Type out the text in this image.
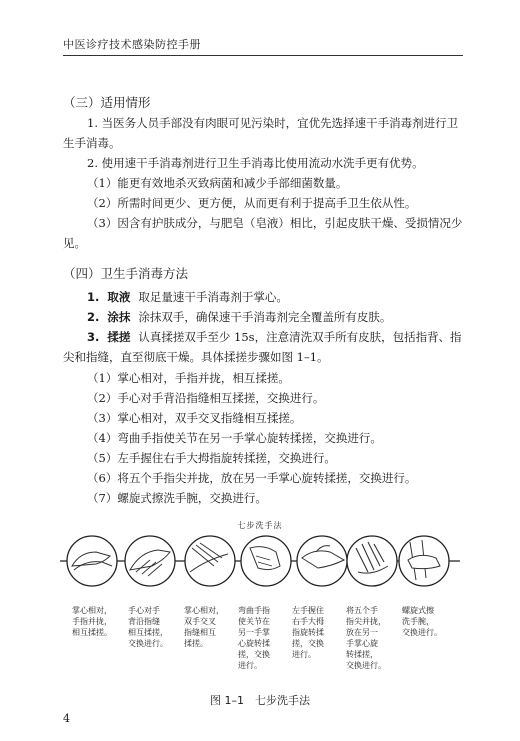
中医诊疗技术感染防控手册
（三）适用情形

1. 当医务人员手部没有肉眼可见污染时，宜优先选择速干手消毒剂进行卫生手消毒。

2. 使用速干手消毒剂进行卫生手消毒比使用流动水洗手更有优势。

（1）能更有效地杀灭致病菌和减少手部细菌数量。

（2）所需时间更少、更方便，从而更有利于提高手卫生依从性。

（3）因含有护肤成分，与肥皂（皂液）相比，引起皮肤干燥、受损情况少见。

（四）卫生手消毒方法

1. 取液 取足量速干手消毒剂于掌心。

2. 涂抹 涂抹双手，确保速干手消毒剂完全覆盖所有皮肤。

3. 揉搓 认真揉搓双手至少 15s，注意清洗双手所有皮肤，包括指背、指尖和指缝，直至彻底干燥。具体揉搓步骤如图 1–1。

（1）掌心相对，手指并拢，相互揉搓。

（2）手心对手背沿指缝相互揉搓，交换进行。

（3）掌心相对，双手交叉指缝相互揉搓。

（4）弯曲手指使关节在另一手掌心旋转揉搓，交换进行。

（5）左手握住右手大拇指旋转揉搓，交换进行。

（6）将五个手指尖并拢，放在另一手掌心旋转揉搓，交换进行。

（7）螺旋式擦洗手腕，交换进行。

七步洗手法
掌心相对，
手指并拢，
相互揉搓。
手心对手
背沿指缝
相互揉搓，
交换进行。
掌心相对，
双手交叉
指缝相互
揉搓。
弯曲手指
使关节在
另一手掌
心旋转揉
搓，交换
进行。
左手握住
右手大拇
指旋转揉
搓，交换
进行。
将五个手
指尖并拢，
放在另一
手掌心旋
转揉搓，
交换进行。
螺旋式擦
洗手腕，
交换进行。
图 1–1　七步洗手法
4
